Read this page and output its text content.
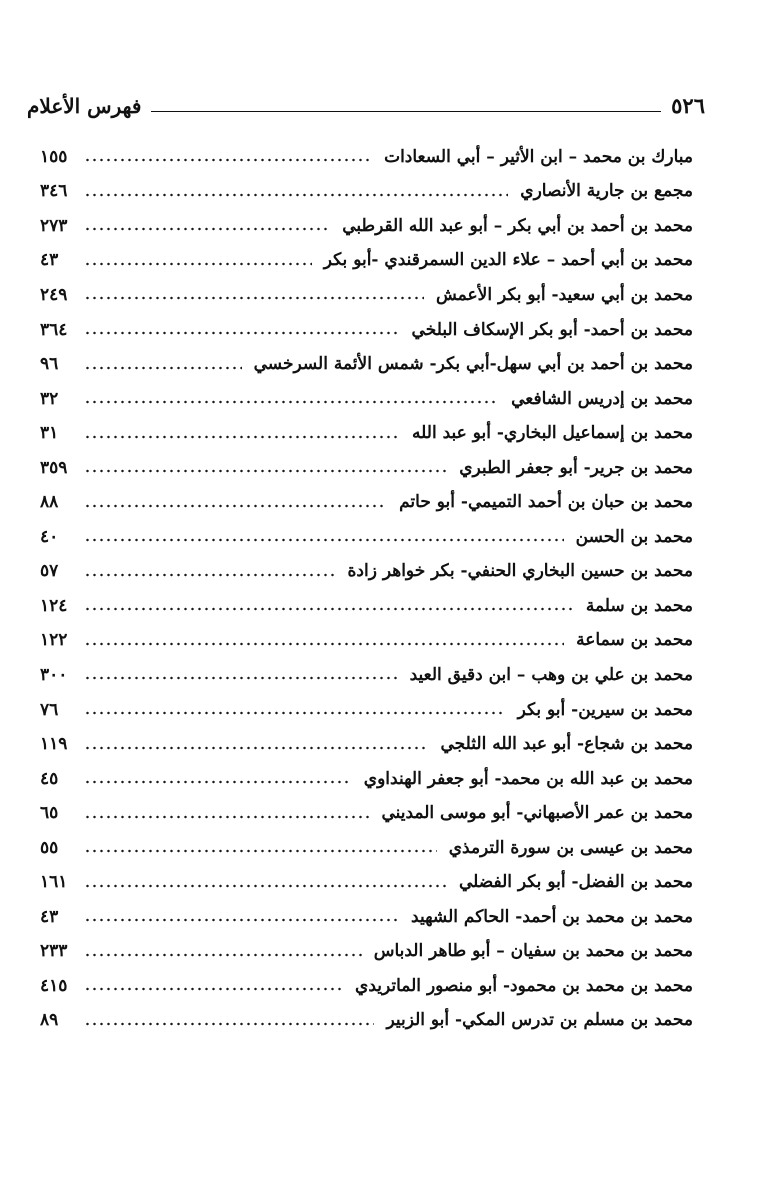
٥٢٦
فهرس الأعلام
مبارك بن محمد – ابن الأثير – أبي السعادات
١٥٥
مجمع بن جارية الأنصاري
٣٤٦
محمد بن أحمد بن أبي بكر – أبو عبد الله القرطبي
٢٧٣
محمد بن أبي أحمد – علاء الدين السمرقندي -أبو بكر
٤٣
محمد بن أبي سعيد- أبو بكر الأعمش
٢٤٩
محمد بن أحمد- أبو بكر الإسكاف البلخي
٣٦٤
محمد بن أحمد بن أبي سهل-أبي بكر- شمس الأئمة السرخسي
٩٦
محمد بن إدريس الشافعي
٣٢
محمد بن إسماعيل البخاري- أبو عبد الله
٣١
محمد بن جرير- أبو جعفر الطبري
٣٥٩
محمد بن حبان بن أحمد التميمي- أبو حاتم
٨٨
محمد بن الحسن
٤٠
محمد بن حسين البخاري الحنفي- بكر خواهر زادة
٥٧
محمد بن سلمة
١٢٤
محمد بن سماعة
١٢٢
محمد بن علي بن وهب – ابن دقيق العيد
٣٠٠
محمد بن سيرين- أبو بكر
٧٦
محمد بن شجاع- أبو عبد الله الثلجي
١١٩
محمد بن عبد الله بن محمد- أبو جعفر الهنداوي
٤٥
محمد بن عمر الأصبهاني- أبو موسى المديني
٦٥
محمد بن عيسى بن سورة الترمذي
٥٥
محمد بن الفضل- أبو بكر الفضلي
١٦١
محمد بن محمد بن أحمد- الحاكم الشهيد
٤٣
محمد بن محمد بن سفيان – أبو طاهر الدباس
٢٣٣
محمد بن محمد بن محمود- أبو منصور الماتريدي
٤١٥
محمد بن مسلم بن تدرس المكي- أبو الزبير
٨٩
